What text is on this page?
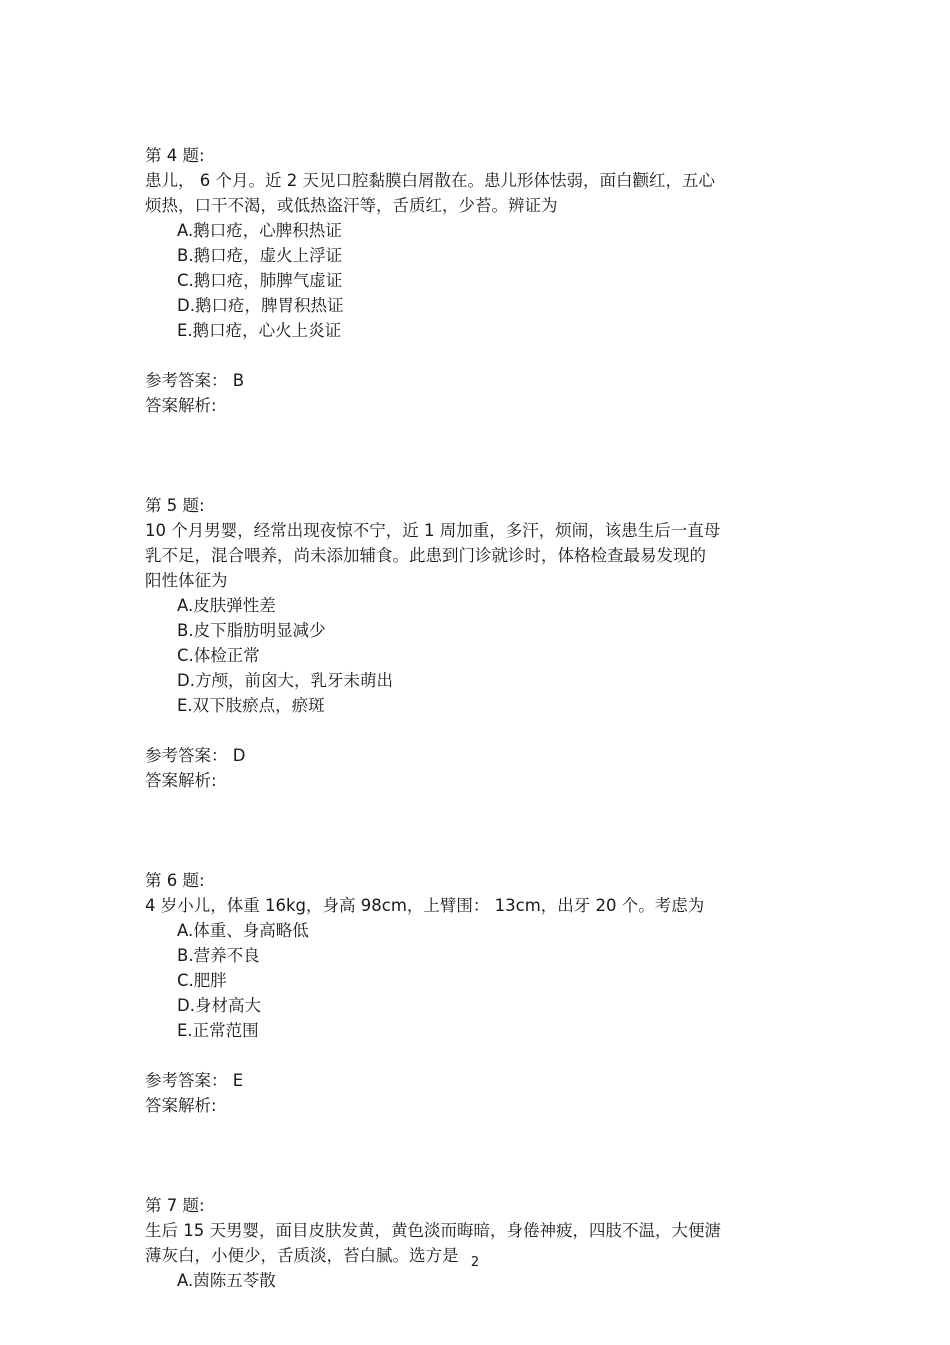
第 4 题:
患儿， 6 个月。近 2 天见口腔黏膜白屑散在。患儿形体怯弱，面白颧红，五心
烦热，口干不渴，或低热盗汗等，舌质红，少苔。辨证为
A.鹅口疮，心脾积热证
B.鹅口疮，虚火上浮证
C.鹅口疮，肺脾气虚证
D.鹅口疮，脾胃积热证
E.鹅口疮，心火上炎证
参考答案： B
答案解析:
第 5 题:
10 个月男婴，经常出现夜惊不宁，近 1 周加重，多汗，烦闹，该患生后一直母
乳不足，混合喂养，尚未添加辅食。此患到门诊就诊时，体格检查最易发现的
阳性体征为
A.皮肤弹性差
B.皮下脂肪明显减少
C.体检正常
D.方颅，前囟大，乳牙未萌出
E.双下肢瘀点，瘀斑
参考答案： D
答案解析:
第 6 题:
4 岁小儿，体重 16kg，身高 98cm，上臂围： 13cm，出牙 20 个。考虑为
A.体重、身高略低
B.营养不良
C.肥胖
D.身材高大
E.正常范围
参考答案： E
答案解析:
第 7 题:
生后 15 天男婴，面目皮肤发黄，黄色淡而晦暗，身倦神疲，四肢不温，大便溏
薄灰白，小便少，舌质淡，苔白腻。选方是
A.茵陈五苓散
2
